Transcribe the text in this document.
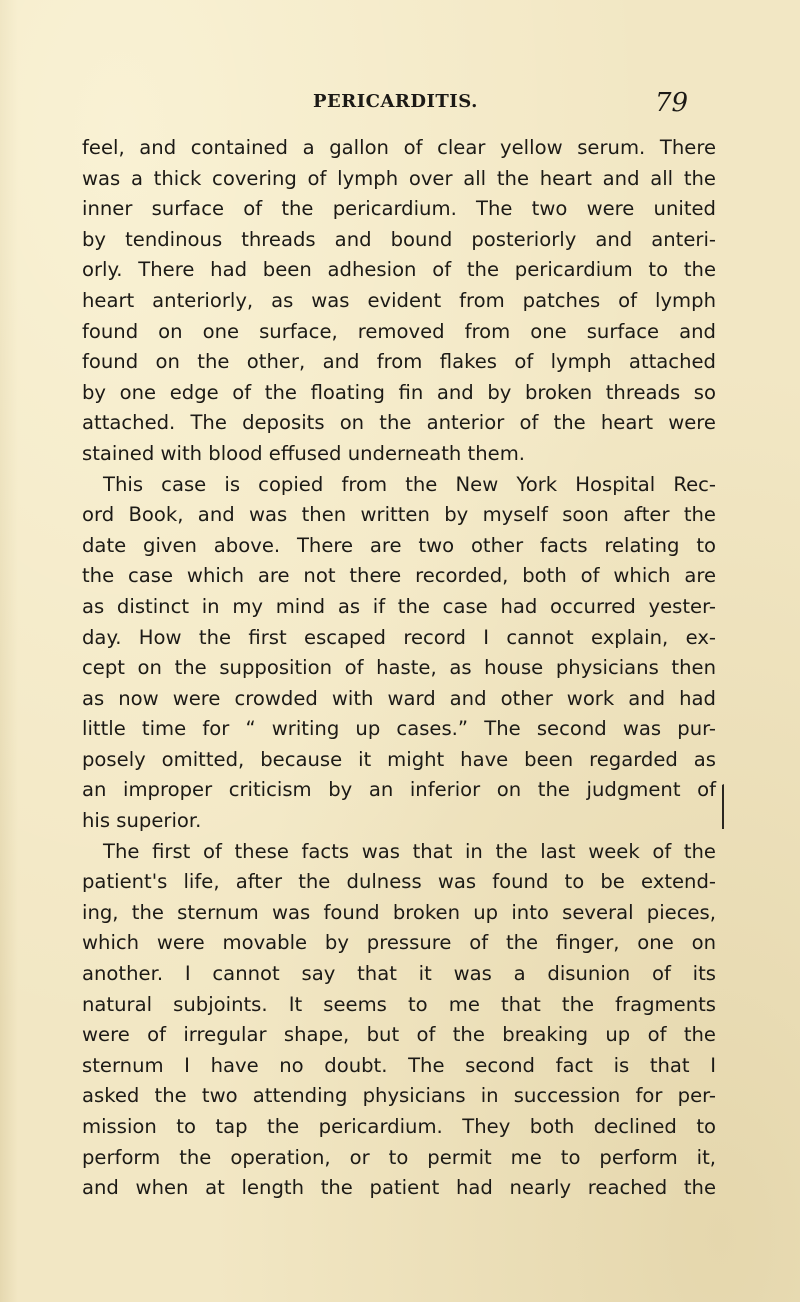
PERICARDITIS.	79
feel, and contained a gallon of clear yellow serum. There
was a thick covering of lymph over all the heart and all the
inner surface of the pericardium. The two were united
by tendinous threads and bound posteriorly and anteri-
orly. There had been adhesion of the pericardium to the
heart anteriorly, as was evident from patches of lymph
found on one surface, removed from one surface and
found on the other, and from flakes of lymph attached
by one edge of the floating fin and by broken threads so
attached. The deposits on the anterior of the heart were
stained with blood effused underneath them.
This case is copied from the New York Hospital Rec-
ord Book, and was then written by myself soon after the
date given above. There are two other facts relating to
the case which are not there recorded, both of which are
as distinct in my mind as if the case had occurred yester-
day. How the first escaped record I cannot explain, ex-
cept on the supposition of haste, as house physicians then
as now were crowded with ward and other work and had
little time for “ writing up cases.” The second was pur-
posely omitted, because it might have been regarded as
an improper criticism by an inferior on the judgment of
his superior.
The first of these facts was that in the last week of the
patient's life, after the dulness was found to be extend-
ing, the sternum was found broken up into several pieces,
which were movable by pressure of the finger, one on
another. I cannot say that it was a disunion of its
natural subjoints. It seems to me that the fragments
were of irregular shape, but of the breaking up of the
sternum I have no doubt. The second fact is that I
asked the two attending physicians in succession for per-
mission to tap the pericardium. They both declined to
perform the operation, or to permit me to perform it,
and when at length the patient had nearly reached the
